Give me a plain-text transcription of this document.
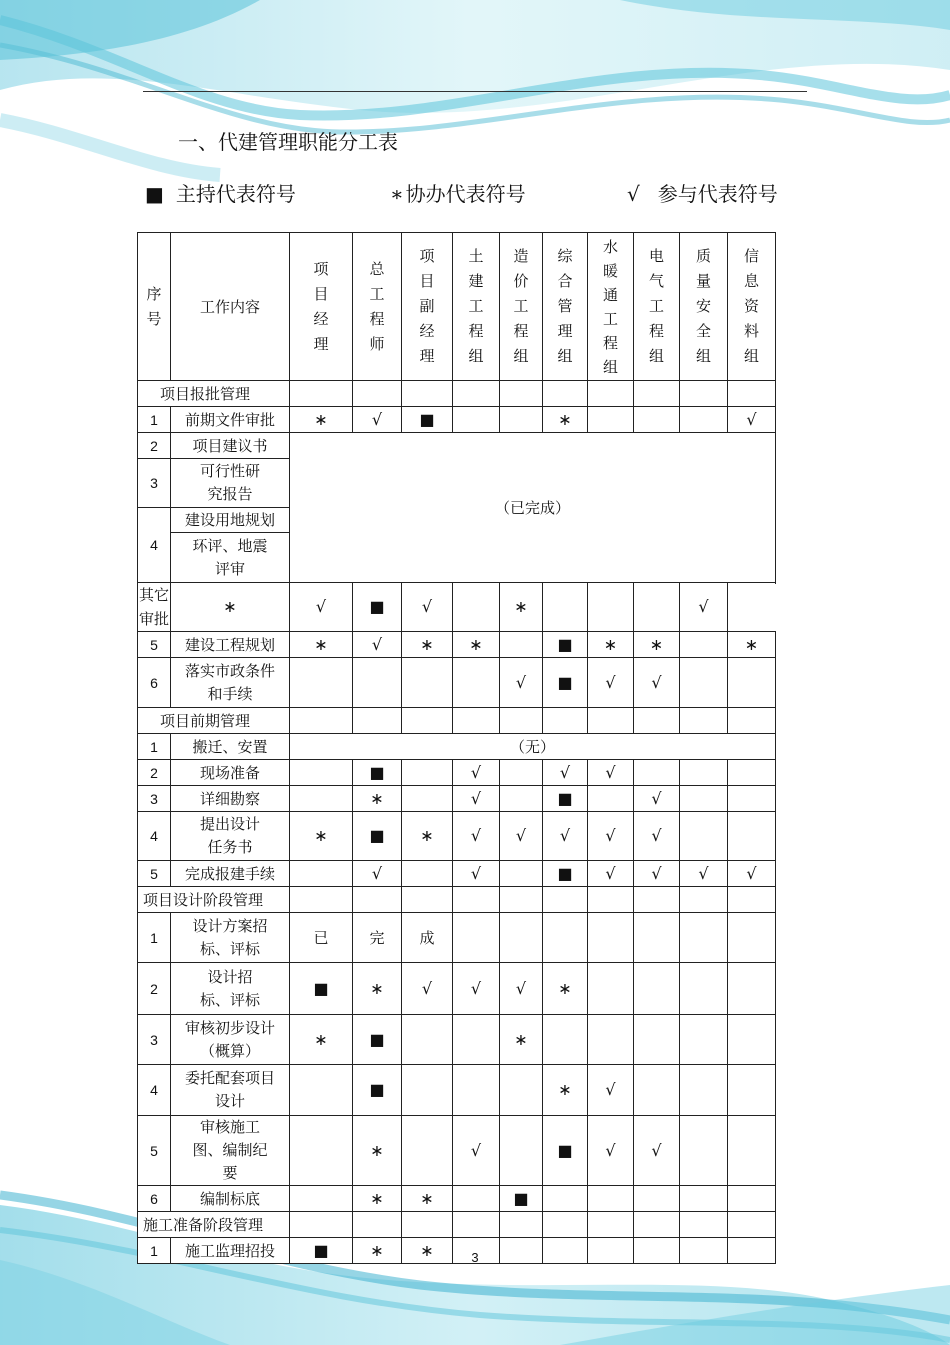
一、代建管理职能分工表
■ 主持代表符号	∗ 协办代表符号	√ 参与代表符号
序号	工作内容	项目经理	总工程师	项目副经理	土建工程组	造价工程组	综合管理组	水暖通工程组	电气工程组	质量安全组	信息资料组

项目报批管理											
1	前期文件审批	∗	√	■			∗				√
2	项目建议书	（已完成）									
3	可行性研究报告										

4	建设用地规划										

	环评、地震评审										

其它审批	∗	√	■	√		∗				√	
5	建设工程规划	∗	√	∗	∗		■	∗	∗		∗
6	落实市政条件和手续					√	■	√	√		
项目前期管理											
1	搬迁、安置	（无）									
2	现场准备		■		√		√	√			
3	详细勘察		∗		√		■		√		
4	提出设计任务书	∗	■	∗	√	√	√	√	√		
5	完成报建手续		√		√		■	√	√	√	√
项目设计阶段管理											
1	设计方案招标、评标	已	完	成							
2	设计招标、评标	■	∗	√	√	√	∗				
3	审核初步设计（概算）	∗	■			∗					
4	委托配套项目设计		■				∗	√			
5	审核施工图、编制纪要		∗		√		■	√	√		
6	编制标底		∗	∗		■					
施工准备阶段管理											
1	施工监理招投	■	∗	∗								3
